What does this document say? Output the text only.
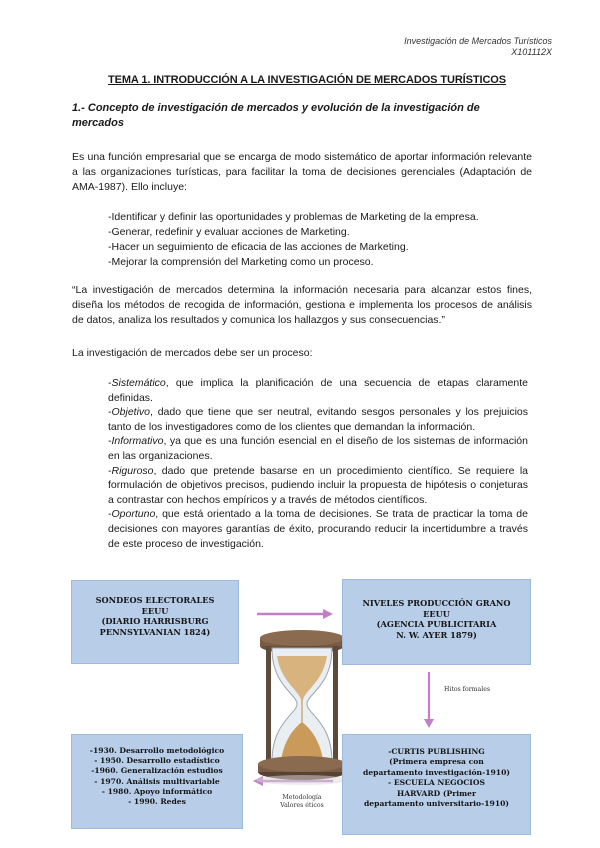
Investigación de Mercados Turísticos
X101112X
TEMA 1. INTRODUCCIÓN A LA INVESTIGACIÓN DE MERCADOS TURÍSTICOS
1.- Concepto de investigación de mercados y evolución de la investigación de mercados
Es una función empresarial que se encarga de modo sistemático de aportar información relevante a las organizaciones turísticas, para facilitar la toma de decisiones gerenciales (Adaptación de AMA-1987). Ello incluye:
-Identificar y definir las oportunidades y problemas de Marketing de la empresa.
-Generar, redefinir y evaluar acciones de Marketing.
-Hacer un seguimiento de eficacia de las acciones de Marketing.
-Mejorar la comprensión del Marketing como un proceso.
“La investigación de mercados determina la información necesaria para alcanzar estos fines, diseña los métodos de recogida de información, gestiona e implementa los procesos de análisis de datos, analiza los resultados y comunica los hallazgos y sus consecuencias.”
La investigación de mercados debe ser un proceso:
-Sistemático, que implica la planificación de una secuencia de etapas claramente definidas.
-Objetivo, dado que tiene que ser neutral, evitando sesgos personales y los prejuicios tanto de los investigadores como de los clientes que demandan la información.
-Informativo, ya que es una función esencial en el diseño de los sistemas de información en las organizaciones.
-Riguroso, dado que pretende basarse en un procedimiento científico. Se requiere la formulación de objetivos precisos, pudiendo incluir la propuesta de hipótesis o conjeturas a contrastar con hechos empíricos y a través de métodos científicos.
-Oportuno, que está orientado a la toma de decisiones. Se trata de practicar la toma de decisiones con mayores garantías de éxito, procurando reducir la incertidumbre a través de este proceso de investigación.
SONDEOS ELECTORALES
EEUU
(DIARIO HARRISBURG
PENNSYLVANIAN 1824)
NIVELES PRODUCCIÓN GRANO
EEUU
(AGENCIA PUBLICITARIA
N. W. AYER 1879)
-1930. Desarrollo metodológico
- 1950. Desarrollo estadístico
-1960. Generalización estudios
- 1970. Análisis multivariable
- 1980. Apoyo informático
- 1990. Redes
-CURTIS PUBLISHING
(Primera empresa con
departamento investigación-1910)
- ESCUELA NEGOCIOS
HARVARD (Primer
departamento universitario-1910)
Hitos formales
Metodología
Valores éticos
